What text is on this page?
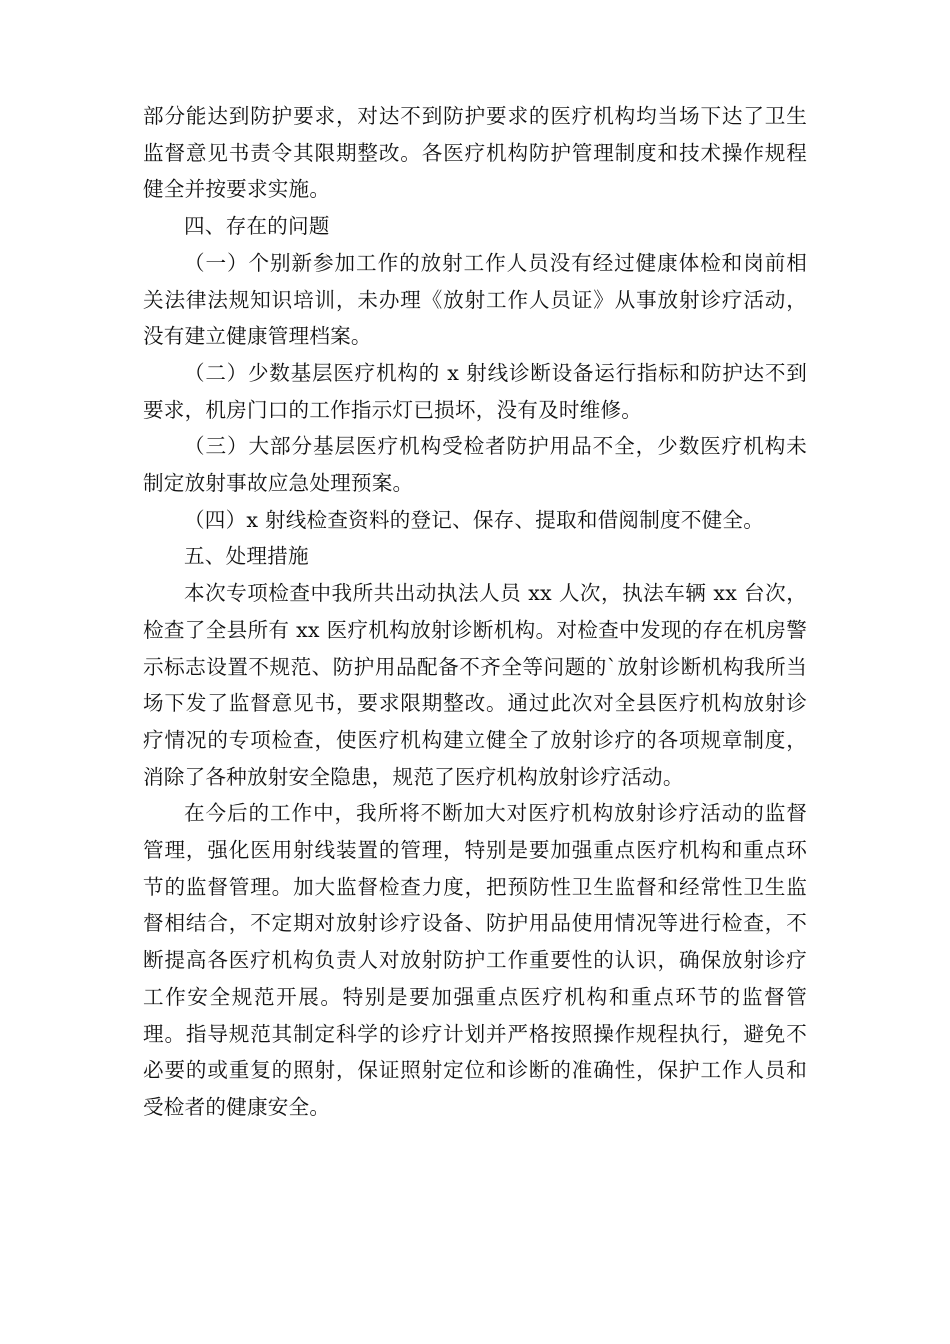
部分能达到防护要求，对达不到防护要求的医疗机构均当场下达了卫生监督意见书责令其限期整改。各医疗机构防护管理制度和技术操作规程健全并按要求实施。

四、存在的问题

（一）个别新参加工作的放射工作人员没有经过健康体检和岗前相关法律法规知识培训，未办理《放射工作人员证》从事放射诊疗活动，没有建立健康管理档案。

（二）少数基层医疗机构的 x 射线诊断设备运行指标和防护达不到要求，机房门口的工作指示灯已损坏，没有及时维修。

（三）大部分基层医疗机构受检者防护用品不全，少数医疗机构未制定放射事故应急处理预案。

（四）x 射线检查资料的登记、保存、提取和借阅制度不健全。

五、处理措施

本次专项检查中我所共出动执法人员 xx 人次，执法车辆 xx 台次，检查了全县所有 xx 医疗机构放射诊断机构。对检查中发现的存在机房警示标志设置不规范、防护用品配备不齐全等问题的`放射诊断机构我所当场下发了监督意见书，要求限期整改。通过此次对全县医疗机构放射诊疗情况的专项检查，使医疗机构建立健全了放射诊疗的各项规章制度，消除了各种放射安全隐患，规范了医疗机构放射诊疗活动。

在今后的工作中，我所将不断加大对医疗机构放射诊疗活动的监督管理，强化医用射线装置的管理，特别是要加强重点医疗机构和重点环节的监督管理。加大监督检查力度，把预防性卫生监督和经常性卫生监督相结合，不定期对放射诊疗设备、防护用品使用情况等进行检查，不断提高各医疗机构负责人对放射防护工作重要性的认识，确保放射诊疗工作安全规范开展。特别是要加强重点医疗机构和重点环节的监督管理。指导规范其制定科学的诊疗计划并严格按照操作规程执行，避免不必要的或重复的照射，保证照射定位和诊断的准确性，保护工作人员和受检者的健康安全。
